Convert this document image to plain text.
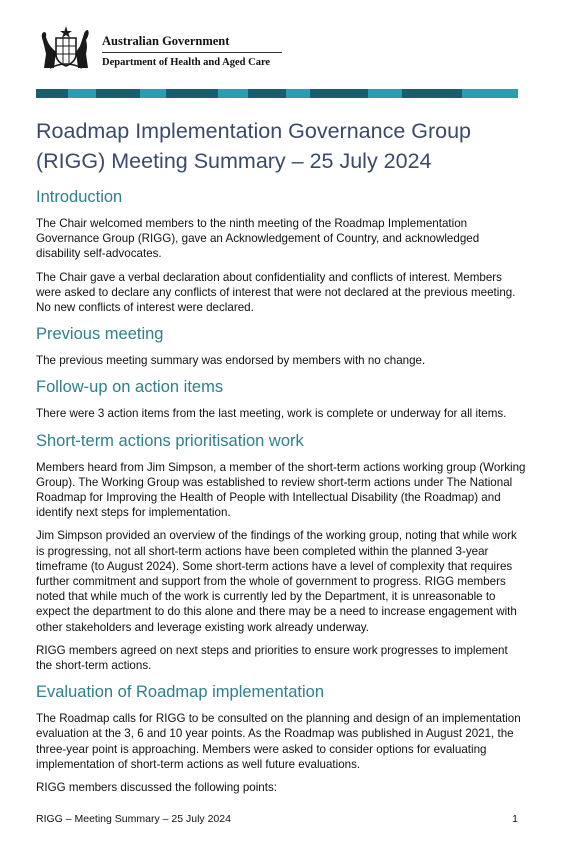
Australian Government
Department of Health and Aged Care
Roadmap Implementation Governance Group
(RIGG) Meeting Summary – 25 July 2024
Introduction

The Chair welcomed members to the ninth meeting of the Roadmap Implementation Governance Group (RIGG), gave an Acknowledgement of Country, and acknowledged disability self-advocates.

The Chair gave a verbal declaration about confidentiality and conflicts of interest. Members were asked to declare any conflicts of interest that were not declared at the previous meeting. No new conflicts of interest were declared.

Previous meeting

The previous meeting summary was endorsed by members with no change.

Follow-up on action items

There were 3 action items from the last meeting, work is complete or underway for all items.

Short-term actions prioritisation work

Members heard from Jim Simpson, a member of the short-term actions working group (Working Group). The Working Group was established to review short-term actions under The National Roadmap for Improving the Health of People with Intellectual Disability (the Roadmap) and identify next steps for implementation.

Jim Simpson provided an overview of the findings of the working group, noting that while work is progressing, not all short-term actions have been completed within the planned 3-year timeframe (to August 2024). Some short-term actions have a level of complexity that requires further commitment and support from the whole of government to progress. RIGG members noted that while much of the work is currently led by the Department, it is unreasonable to expect the department to do this alone and there may be a need to increase engagement with other stakeholders and leverage existing work already underway.

RIGG members agreed on next steps and priorities to ensure work progresses to implement the short-term actions.

Evaluation of Roadmap implementation

The Roadmap calls for RIGG to be consulted on the planning and design of an implementation evaluation at the 3, 6 and 10 year points. As the Roadmap was published in August 2021, the three-year point is approaching. Members were asked to consider options for evaluating implementation of short-term actions as well future evaluations.

RIGG members discussed the following points:

RIGG – Meeting Summary – 25 July 2024	1
